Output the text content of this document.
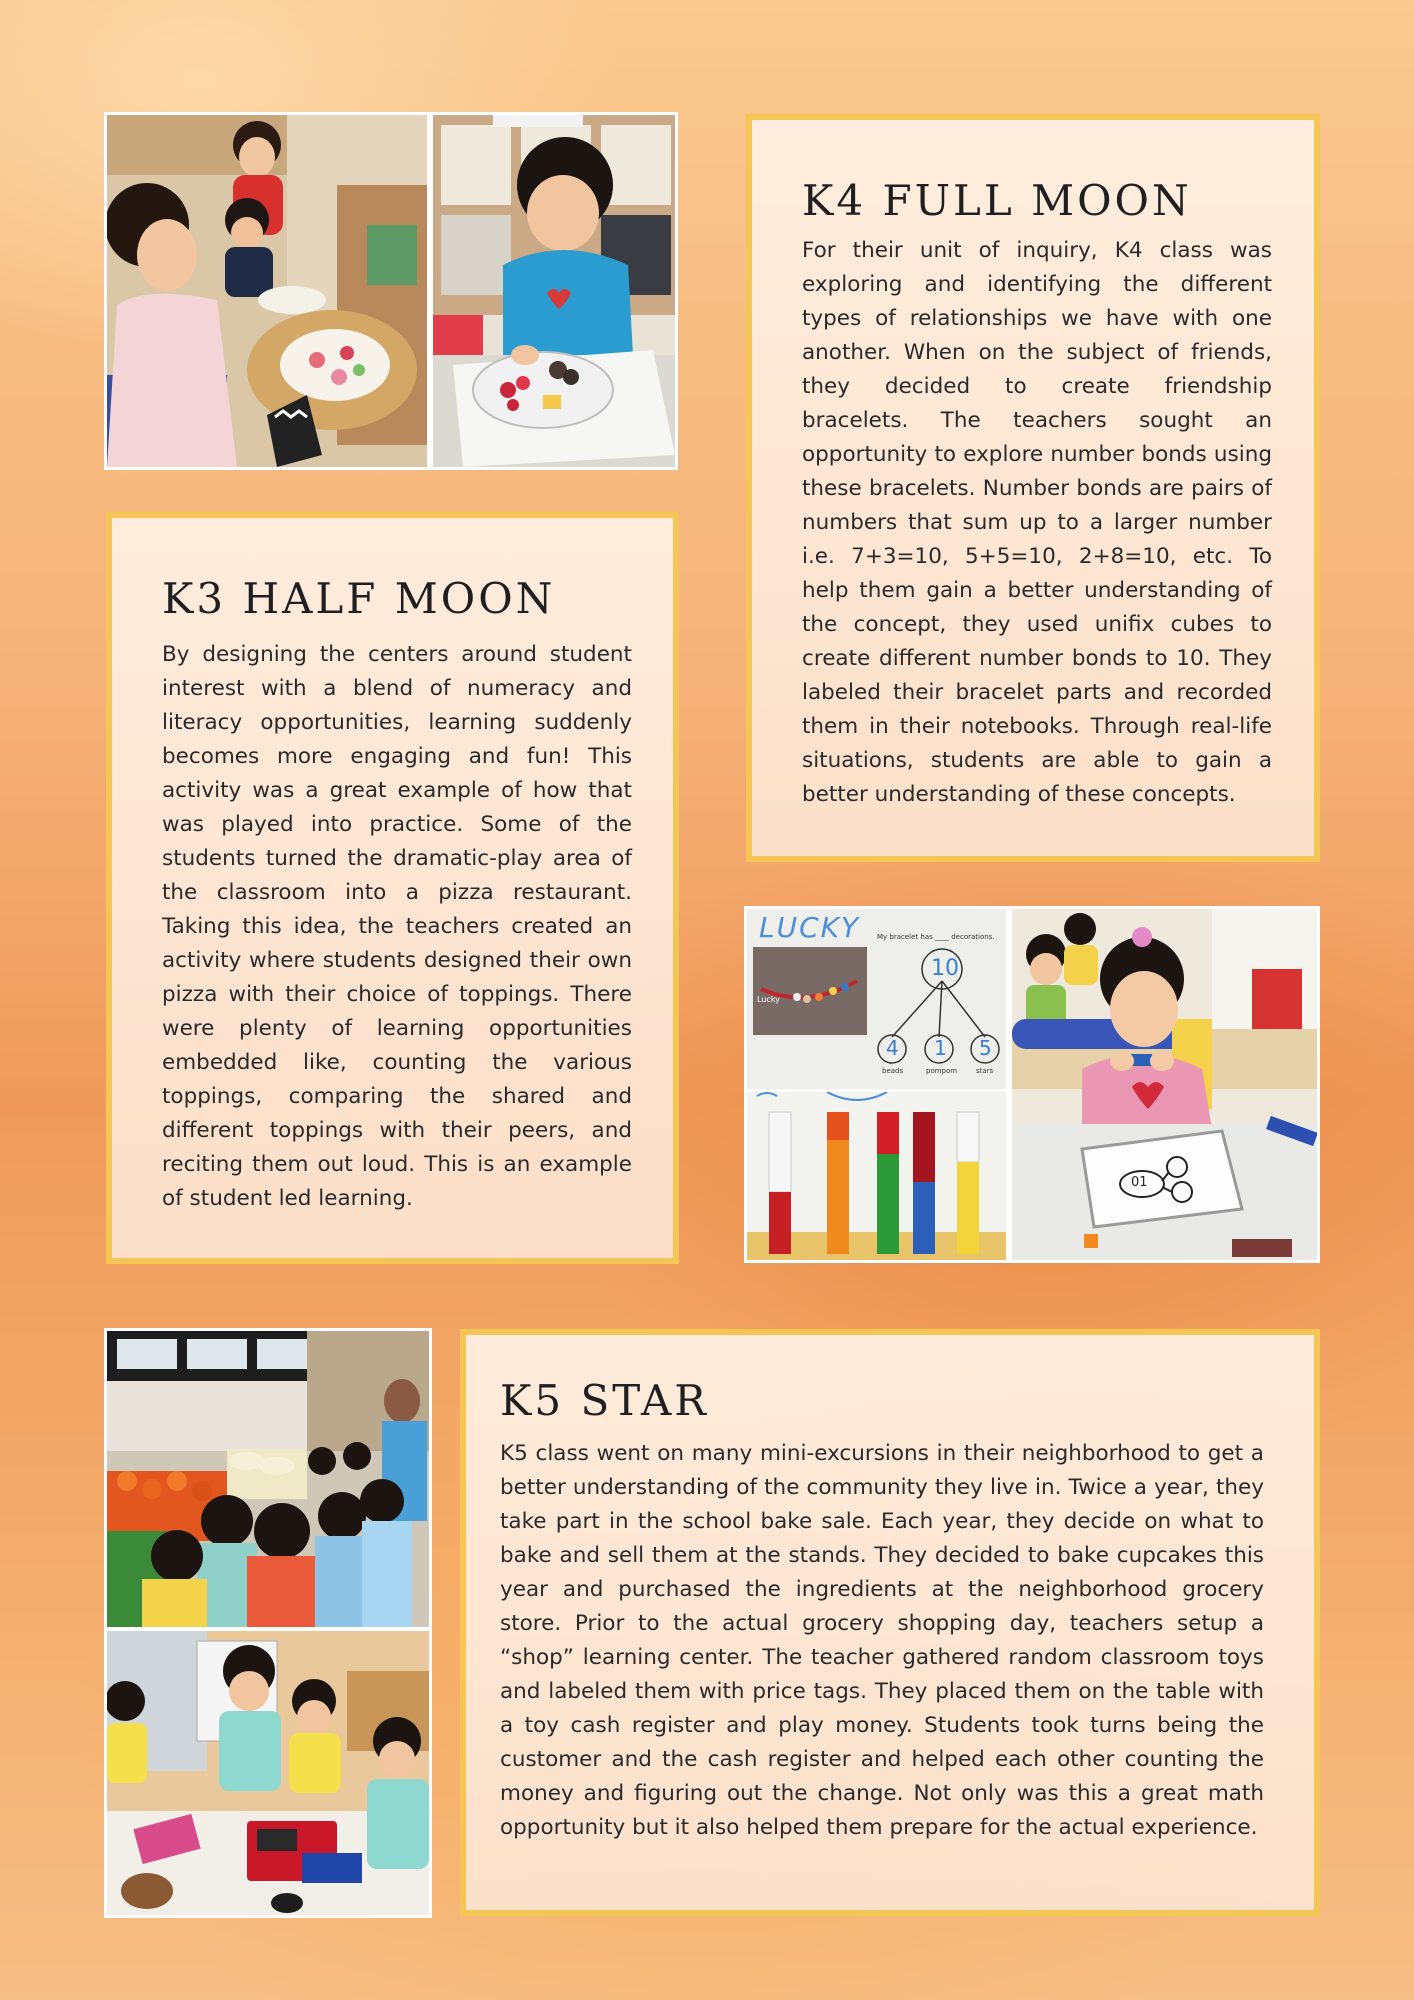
K4 FULL MOON

For their unit of inquiry, K4 class was exploring and identifying the different types of relationships we have with one another. When on the subject of friends, they decided to create friendship bracelets. The teachers sought an opportunity to explore number bonds using these bracelets. Number bonds are pairs of numbers that sum up to a larger number i.e. 7+3=10, 5+5=10, 2+8=10, etc. To help them gain a better understanding of the concept, they used unifix cubes to create different number bonds to 10. They labeled their bracelet parts and recorded them in their notebooks. Through real-life situations, students are able to gain a better understanding of these concepts.

K3 HALF MOON

By designing the centers around student interest with a blend of numeracy and literacy opportunities, learning suddenly becomes more engaging and fun! This activity was a great example of how that was played into practice. Some of the students turned the dramatic-play area of the classroom into a pizza restaurant. Taking this idea, the teachers created an activity where students designed their own pizza with their choice of toppings. There were plenty of learning opportunities embedded like, counting the various toppings, comparing the shared and different toppings with their peers, and reciting them out loud. This is an example of student led learning.

LUCKY
Lucky
My bracelet has ____ decorations.
10
4 1 5
beads	pompom	stars
01
K5 STAR

K5 class went on many mini-excursions in their neighborhood to get a better understanding of the community they live in. Twice a year, they take part in the school bake sale. Each year, they decide on what to bake and sell them at the stands. They decided to bake cupcakes this year and purchased the ingredients at the neighborhood grocery store. Prior to the actual grocery shopping day, teachers setup a “shop” learning center. The teacher gathered random classroom toys and labeled them with price tags. They placed them on the table with a toy cash register and play money. Students took turns being the customer and the cash register and helped each other counting the money and figuring out the change. Not only was this a great math opportunity but it also helped them prepare for the actual experience.
